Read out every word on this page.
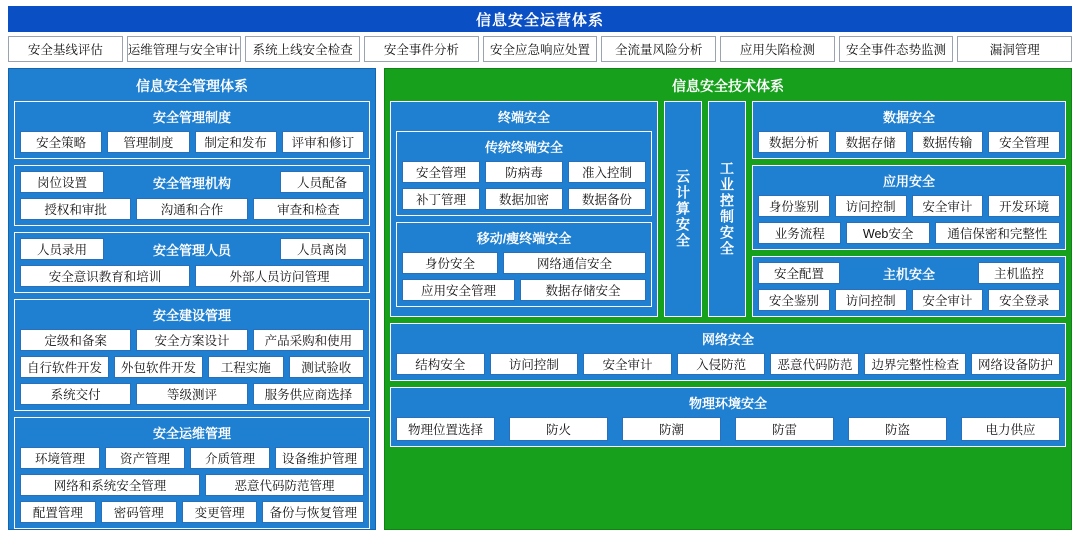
信息安全运营体系
安全基线评估	运维管理与安全审计 系统上线安全检查	安全事件分析	安全应急响应处置	全流量风险分析	应用失陷检测	安全事件态势监测	漏洞管理
信息安全管理体系
安全管理制度
安全策略	管理制度	制定和发布	评审和修订
岗位设置	安全管理机构	人员配备
授权和审批	沟通和合作	审查和检查
人员录用	安全管理人员	人员离岗
安全意识教育和培训	外部人员访问管理
安全建设管理
定级和备案	安全方案设计	产品采购和使用
自行软件开发	外包软件开发	工程实施	测试验收
系统交付	等级测评	服务供应商选择
安全运维管理
环境管理	资产管理	介质管理	设备维护管理
网络和系统安全管理	恶意代码防范管理
配置管理	密码管理	变更管理	备份与恢复管理
信息安全技术体系
终端安全
传统终端安全
安全管理	防病毒	准入控制
补丁管理	数据加密	数据备份
移动/瘦终端安全
身份安全	网络通信安全
应用安全管理	数据存储安全
云计算安全	工业控制安全
数据安全
数据分析	数据存储	数据传输	安全管理
应用安全
身份鉴别	访问控制	安全审计	开发环境
业务流程	Web安全	通信保密和完整性
安全配置	主机安全	主机监控
安全鉴别	访问控制	安全审计	安全登录
网络安全
结构安全	访问控制	安全审计	入侵防范	恶意代码防范	边界完整性检查	网络设备防护
物理环境安全
物理位置选择	防火	防潮	防雷	防盗	电力供应
